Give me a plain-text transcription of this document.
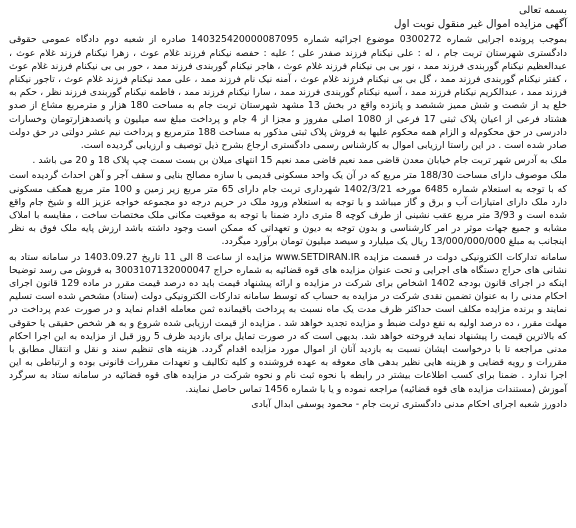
بسمه تعالی

آگهی مزایده اموال غیر منقول نوبت اول

بموجب پرونده اجرایی شماره 0300272 موضوع اجرائیه شماره 140325420000087095 صادره از شعبه دوم دادگاه عمومی حقوقی دادگستری شهرستان تربت جام ، له : علی نیکنام فرزند صفدر علی ؛ علیه : حفصه نیکنام فرزند غلام عوث ، زهرا نیکنام فرزند غلام عوث ، عبدالعظیم نیکنام گوربندی فرزند ممد ، نور بی بی نیکنام فرزند غلام عوث ، هاجر نیکنام گوربندی فرزند ممد ، حور بی بی نیکنام فرزند غلام عوث ، کفتر نیکنام گوربندی فرزند ممد ، گل بی بی نیکنام فرزند غلام عوث ، آمنه نیک نام فرزند ممد ، علی ممد نیکنام فرزند غلام عوث ، تاجور نیکنام فرزند ممد ، عبدالکریم نیکنام فرزند ممد ، آسیه نیکنام گوربندی فرزند ممد ، سارا نیکنام فرزند ممد ، فاطمه نیکنام گوربندی فرزند نظر ، حکم به خلع ید از شصت و شش ممیز ششصد و پانزده واقع در بخش 13 مشهد شهرستان تربت جام به مساحت 180 هزار و مترمربع مشاع از صدو هشتاد فرعی از اعیان پلاک ثبتی 17 فرعی از 1080 اصلی مفروز و مجزا از 4 جام و پرداخت مبلغ سه میلیون و پانصدهزارتومان وخسارات دادرسی در حق محکوم‌له و الزام همه محکوم علیها به فروش پلاک ثبتی مذکور به مساحت 188 مترمربع و پرداخت نیم عشر دولتی در حق دولت صادر شده است . در این راستا ارزیابی اموال به کارشناس رسمی دادگستری ارجاع بشرح ذیل توصیف و ارزیابی گردیده است.

ملک به آدرس شهر تربت جام خیابان معدن قاضی ممد نعیم قاضی ممد نعیم 15 انتهای میلان بن بست سمت چپ پلاک 18 و 20 می باشد .

ملک موصوف دارای مساحت 188/30 متر مربع که در آن یک واحد مسکونی قدیمی با سازه مصالح بنایی و سقف آجر و آهن احداث گردیده است که با توجه به استعلام شماره 6485 مورخه 1402/3/21 شهرداری تربت جام دارای 65 متر مربع زیر زمین و 100 متر مربع همکف مسکونی دارد ملک دارای امتیازات آب و برق و گاز میباشد و با توجه به استعلام ورود ملک در حریم درجه دو مجموعه خواجه عزیز الله و شیخ جام واقع شده است و 3/93 متر مربع عقب نشینی از طرف کوچه 8 متری دارد ضمنا با توجه به موقعیت مکانی ملک مختصات ساخت ، مقایسه با املاک مشابه و جمیع جهات موثر در امر کارشناسی و بدون توجه به دیون و تعهداتی که ممکن است وجود داشته باشد ارزش پایه ملک فوق به نظر اینجانب به مبلغ 13/000/000/000 ریال یک میلیارد و سیصد میلیون تومان برآورد میگردد.

سامانه تدارکات الکترونیکی دولت در قسمت مزایده www.SETDIRAN.IR مزایده از ساعت 8 الی 11 تاریخ 1403.09.27 در سامانه ستاد به نشانی های حراج دستگاه های اجرایی و تحت عنوان مزایده های قوه قضائیه به شماره حراج 3003107132000047 به فروش می رسد توضیحا اینکه در اجرای قانون بودجه 1402 اشخاص برای شرکت در مزایده و ارائه پیشنهاد قیمت باید ده درصد قیمت مقرر در ماده 129 قانون اجرای احکام مدنی را به عنوان تضمین نقدی شرکت در مزایده به حساب که توسط سامانه تدارکات الکترونیکی دولت (ستاد) مشخص شده است تسلیم نمایند و برنده مزایده مکلف است حداکثر ظرف مدت یک ماه نسبت به پرداخت باقیمانده ثمن معامله اقدام نماید و در صورت عدم پرداخت در مهلت مقرر ، ده درصد اولیه به نفع دولت ضبط و مزایده تجدید خواهد شد . مزایده از قیمت ارزیابی شده شروع و به هر شخص حقیقی یا حقوقی که بالاترین قیمت را پیشنهاد نماید فروخته خواهد شد. بدیهی است که در صورت تمایل برای بازدید ظرف 5 روز قبل از مزایده به این اجرا احکام مدنی مراجعه تا با درخواست ایشان نسبت به بازدید آنان از اموال مورد مزایده اقدام گردد. هزینه های تنظیم سند و نقل و انتقال مطابق با مقررات و رویه قضایی و هزینه هایی نظیر بدهی های معوقه به عهده فروشنده و کلیه تکالیف و تعهدات مقررات قانونی بوده و ارتباطی به این اجرا ندارد . ضمنا برای کسب اطلاعات بیشتر در رابطه با نحوه ثبت نام و نحوه شرکت در مزایده های قوه قضائیه در سامانه ستاد به سرگرد آموزش (مستندات مزایده های قوه قضائیه) مراجعه نموده و یا با شماره 1456 تماس حاصل نمایند.

دادورز شعبه اجرای احکام مدنی دادگستری تربت جام - محمود یوسفی ابدال آبادی
